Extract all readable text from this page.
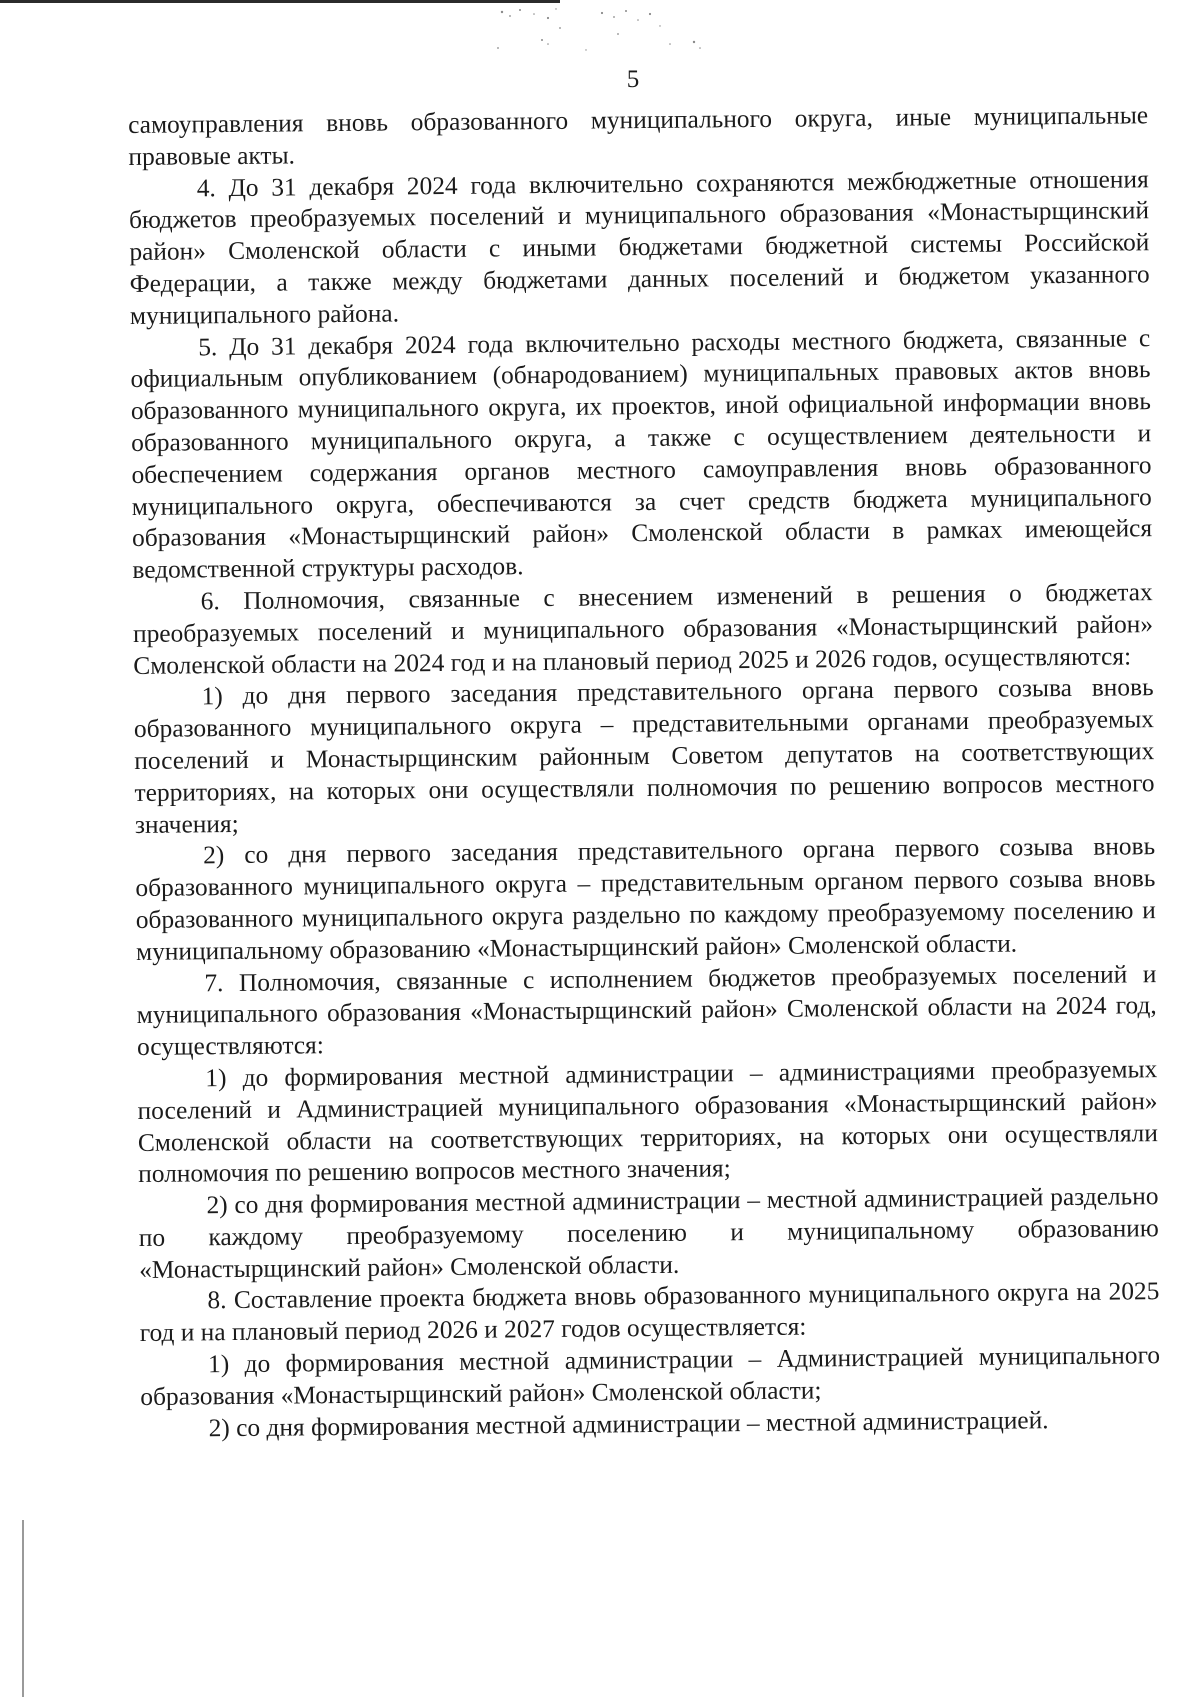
5

самоуправления вновь образованного муниципального округа, иные муниципальные правовые акты.

4. До 31 декабря 2024 года включительно сохраняются межбюджетные отношения бюджетов преобразуемых поселений и муниципального образования «Монастырщинский район» Смоленской области с иными бюджетами бюджетной системы Российской Федерации, а также между бюджетами данных поселений и бюджетом указанного муниципального района.

5. До 31 декабря 2024 года включительно расходы местного бюджета, связанные с официальным опубликованием (обнародованием) муниципальных правовых актов вновь образованного муниципального округа, их проектов, иной официальной информации вновь образованного муниципального округа, а также с осуществлением деятельности и обеспечением содержания органов местного самоуправления вновь образованного муниципального округа, обеспечиваются за счет средств бюджета муниципального образования «Монастырщинский район» Смоленской области в рамках имеющейся ведомственной структуры расходов.

6. Полномочия, связанные с внесением изменений в решения о бюджетах преобразуемых поселений и муниципального образования «Монастырщинский район» Смоленской области на 2024 год и на плановый период 2025 и 2026 годов, осуществляются:

1) до дня первого заседания представительного органа первого созыва вновь образованного муниципального округа – представительными органами преобразуемых поселений и Монастырщинским районным Советом депутатов на соответствующих территориях, на которых они осуществляли полномочия по решению вопросов местного значения;

2) со дня первого заседания представительного органа первого созыва вновь образованного муниципального округа – представительным органом первого созыва вновь образованного муниципального округа раздельно по каждому преобразуемому поселению и муниципальному образованию «Монастырщинский район» Смоленской области.

7. Полномочия, связанные с исполнением бюджетов преобразуемых поселений и муниципального образования «Монастырщинский район» Смоленской области на 2024 год, осуществляются:

1) до формирования местной администрации – администрациями преобразуемых поселений и Администрацией муниципального образования «Монастырщинский район» Смоленской области на соответствующих территориях, на которых они осуществляли полномочия по решению вопросов местного значения;

2) со дня формирования местной администрации – местной администрацией раздельно по каждому преобразуемому поселению и муниципальному образованию «Монастырщинский район» Смоленской области.

8. Составление проекта бюджета вновь образованного муниципального округа на 2025 год и на плановый период 2026 и 2027 годов осуществляется:

1) до формирования местной администрации – Администрацией муниципального образования «Монастырщинский район» Смоленской области;

2) со дня формирования местной администрации – местной администрацией.
